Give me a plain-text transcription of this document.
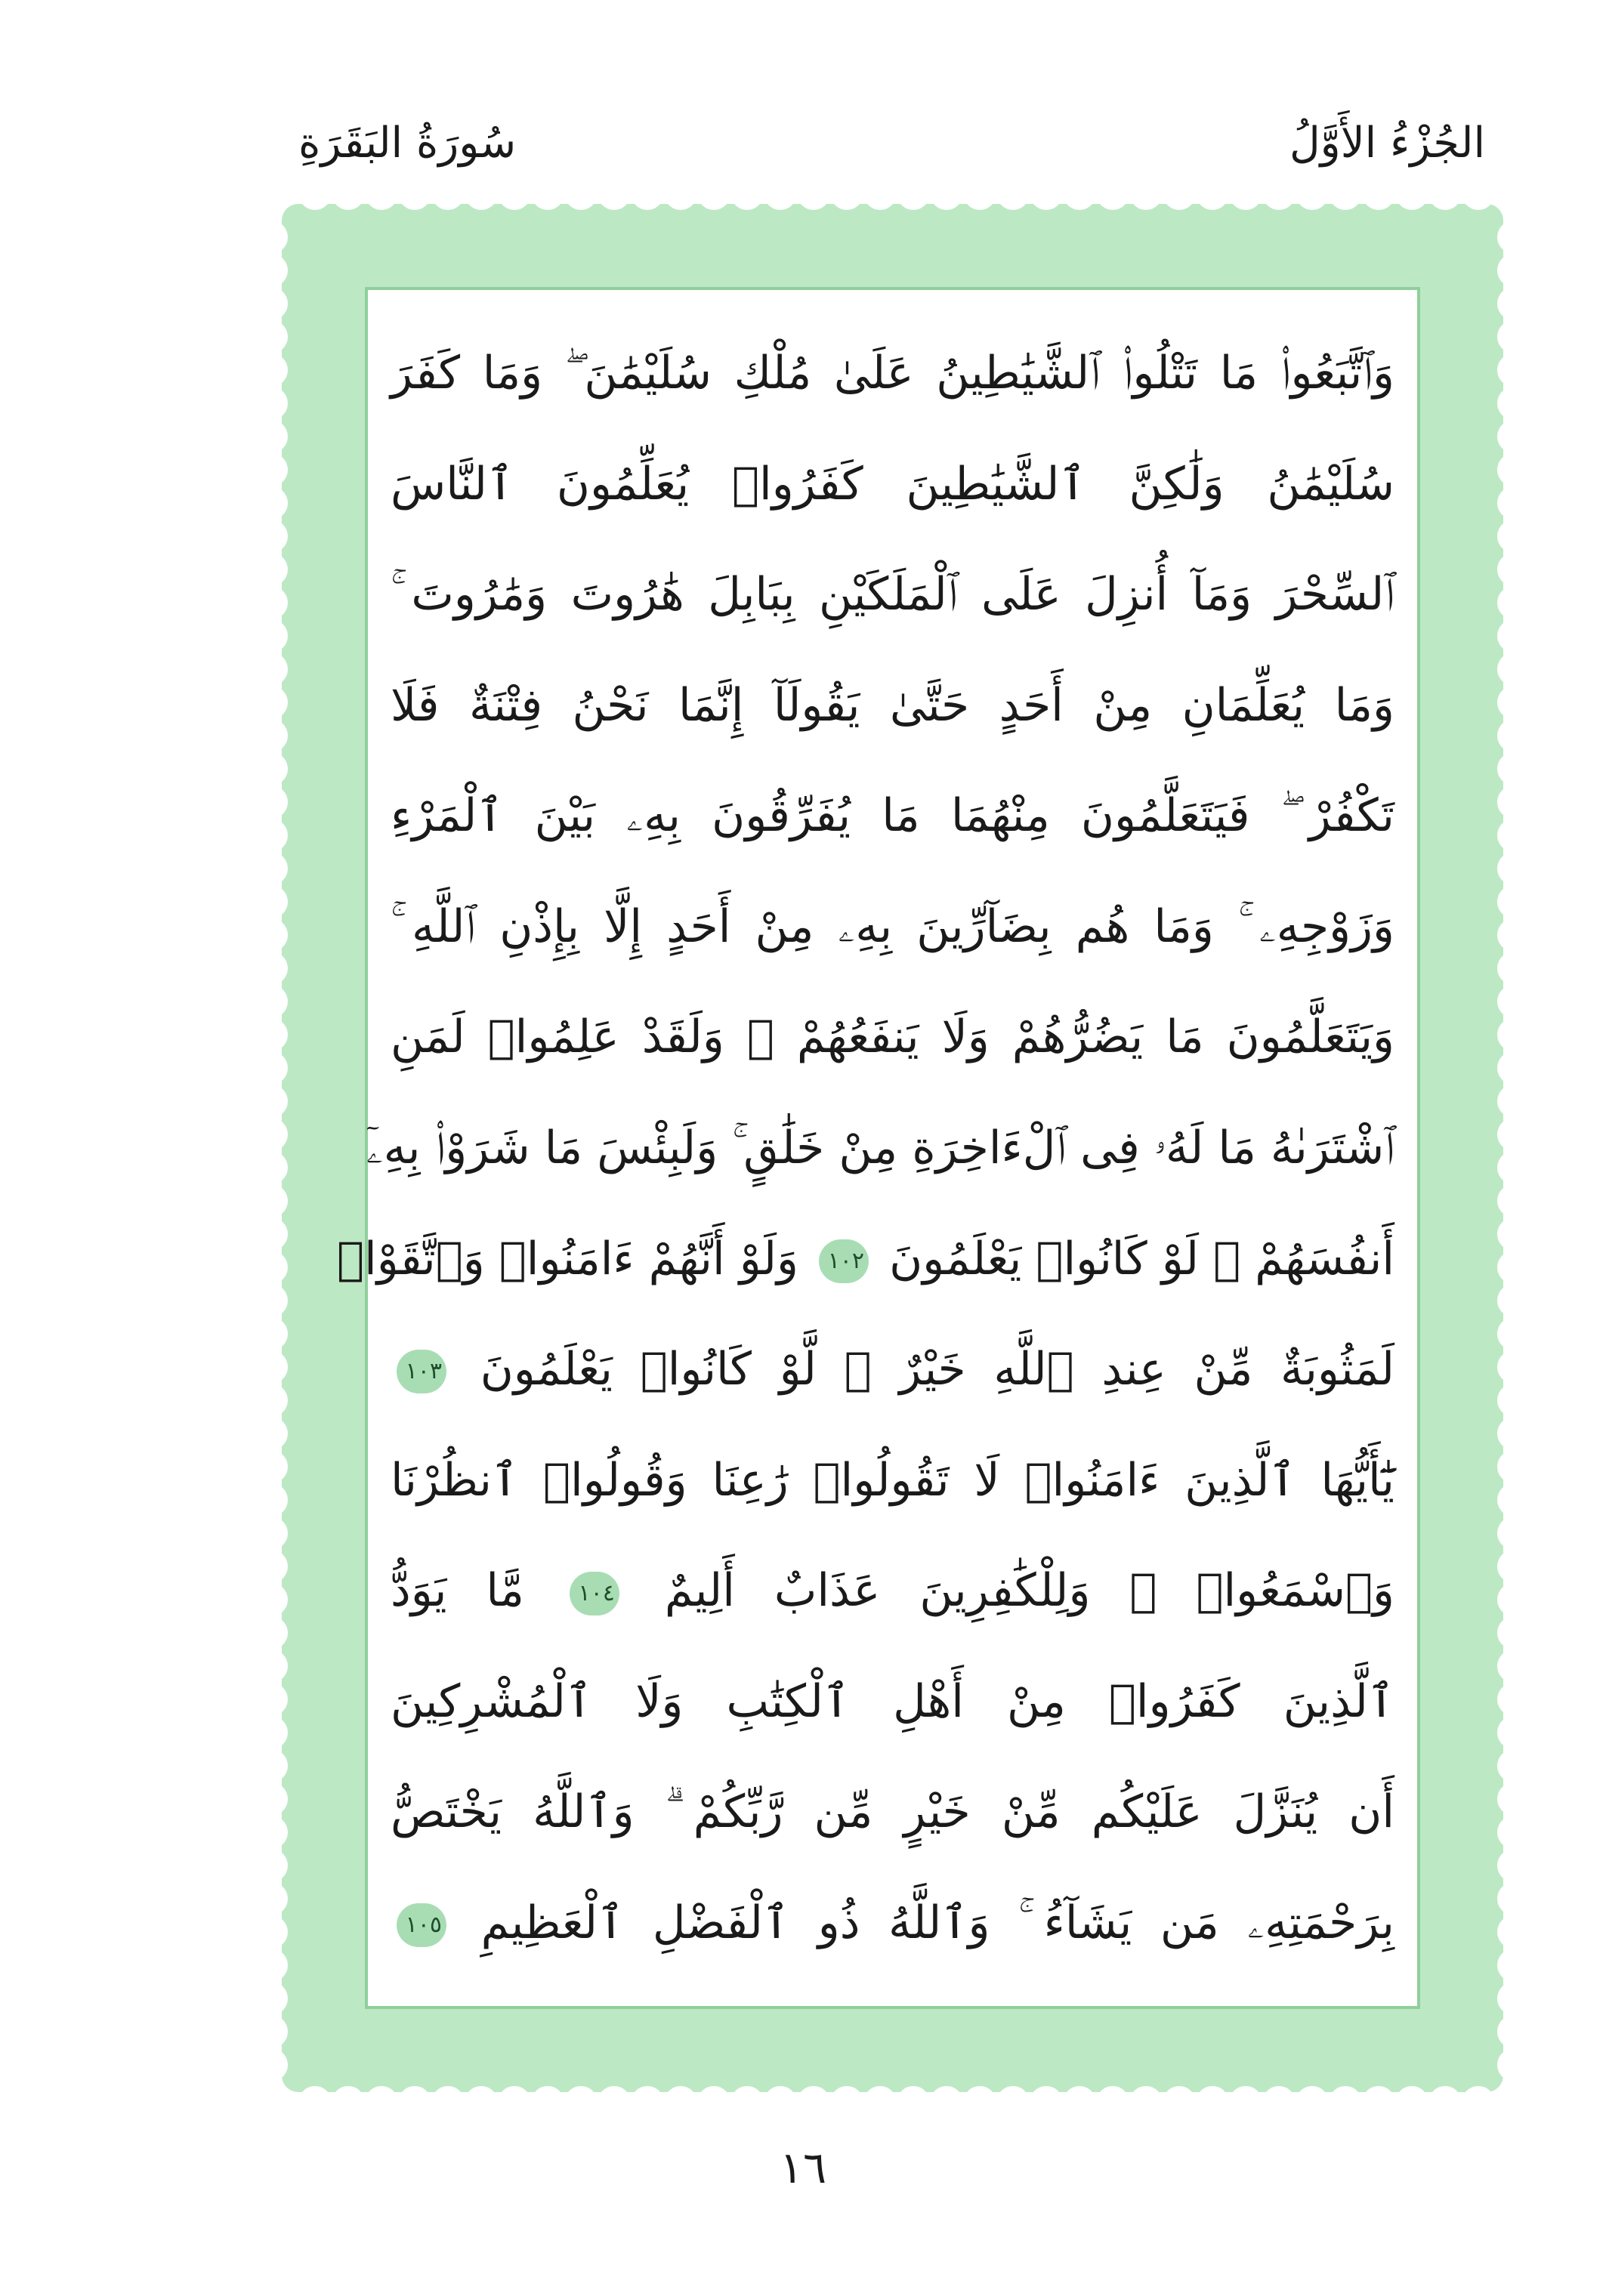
الجُزْءُ الأَوَّلُ
سُورَةُ البَقَرَةِ
وَٱتَّبَعُوا۟ مَا تَتْلُوا۟ ٱلشَّيَٰطِينُ عَلَىٰ مُلْكِ سُلَيْمَٰنَ ۖ وَمَا كَفَرَ
سُلَيْمَٰنُ وَلَٰكِنَّ ٱلشَّيَٰطِينَ كَفَرُوا۟ يُعَلِّمُونَ ٱلنَّاسَ
ٱلسِّحْرَ وَمَآ أُنزِلَ عَلَى ٱلْمَلَكَيْنِ بِبَابِلَ هَٰرُوتَ وَمَٰرُوتَ ۚ
وَمَا يُعَلِّمَانِ مِنْ أَحَدٍ حَتَّىٰ يَقُولَآ إِنَّمَا نَحْنُ فِتْنَةٌ فَلَا
تَكْفُرْ ۖ فَيَتَعَلَّمُونَ مِنْهُمَا مَا يُفَرِّقُونَ بِهِۦ بَيْنَ ٱلْمَرْءِ
وَزَوْجِهِۦ ۚ وَمَا هُم بِضَآرِّينَ بِهِۦ مِنْ أَحَدٍ إِلَّا بِإِذْنِ ٱللَّهِ ۚ
وَيَتَعَلَّمُونَ مَا يَضُرُّهُمْ وَلَا يَنفَعُهُمْ ۚ وَلَقَدْ عَلِمُوا۟ لَمَنِ
ٱشْتَرَىٰهُ مَا لَهُۥ فِى ٱلْءَاخِرَةِ مِنْ خَلَٰقٍ ۚ وَلَبِئْسَ مَا شَرَوْا۟ بِهِۦٓ
أَنفُسَهُمْ ۚ لَوْ كَانُوا۟ يَعْلَمُونَ ١٠٢ وَلَوْ أَنَّهُمْ ءَامَنُوا۟ وَٱتَّقَوْا۟
لَمَثُوبَةٌ مِّنْ عِندِ ٱللَّهِ خَيْرٌ ۖ لَّوْ كَانُوا۟ يَعْلَمُونَ ١٠٣
يَٰٓأَيُّهَا ٱلَّذِينَ ءَامَنُوا۟ لَا تَقُولُوا۟ رَٰعِنَا وَقُولُوا۟ ٱنظُرْنَا
وَٱسْمَعُوا۟ ۗ وَلِلْكَٰفِرِينَ عَذَابٌ أَلِيمٌ ١٠٤ مَّا يَوَدُّ
ٱلَّذِينَ كَفَرُوا۟ مِنْ أَهْلِ ٱلْكِتَٰبِ وَلَا ٱلْمُشْرِكِينَ
أَن يُنَزَّلَ عَلَيْكُم مِّنْ خَيْرٍ مِّن رَّبِّكُمْ ۗ وَٱللَّهُ يَخْتَصُّ
بِرَحْمَتِهِۦ مَن يَشَآءُ ۚ وَٱللَّهُ ذُو ٱلْفَضْلِ ٱلْعَظِيمِ ١٠٥
١٦
